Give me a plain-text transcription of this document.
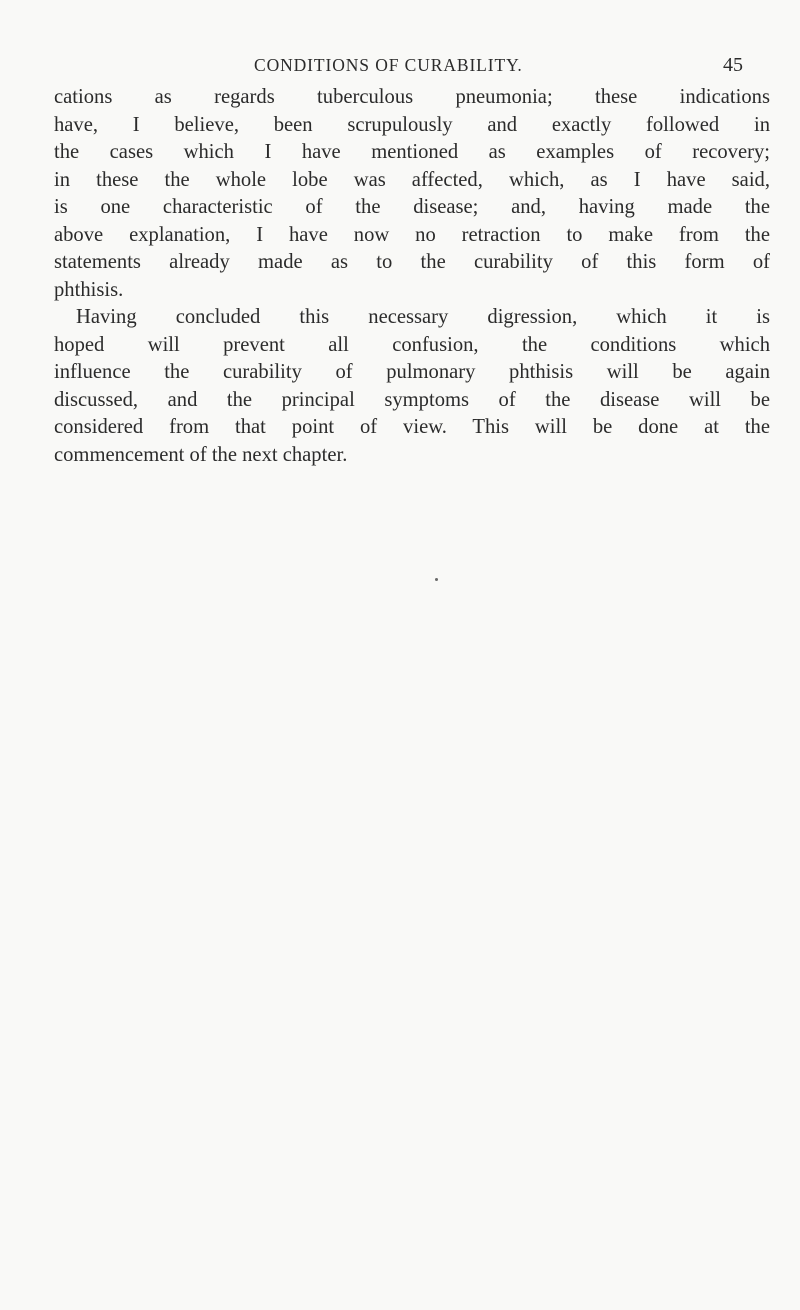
CONDITIONS OF CURABILITY.	45
cations as regards tuberculous pneumonia; these indications
have, I believe, been scrupulously and exactly followed in
the cases which I have mentioned as examples of recovery;
in these the whole lobe was affected, which, as I have said,
is one characteristic of the disease; and, having made the
above explanation, I have now no retraction to make from the
statements already made as to the curability of this form of
phthisis.
Having concluded this necessary digression, which it is
hoped will prevent all confusion, the conditions which
influence the curability of pulmonary phthisis will be again
discussed, and the principal symptoms of the disease will be
considered from that point of view. This will be done at the
commencement of the next chapter.
